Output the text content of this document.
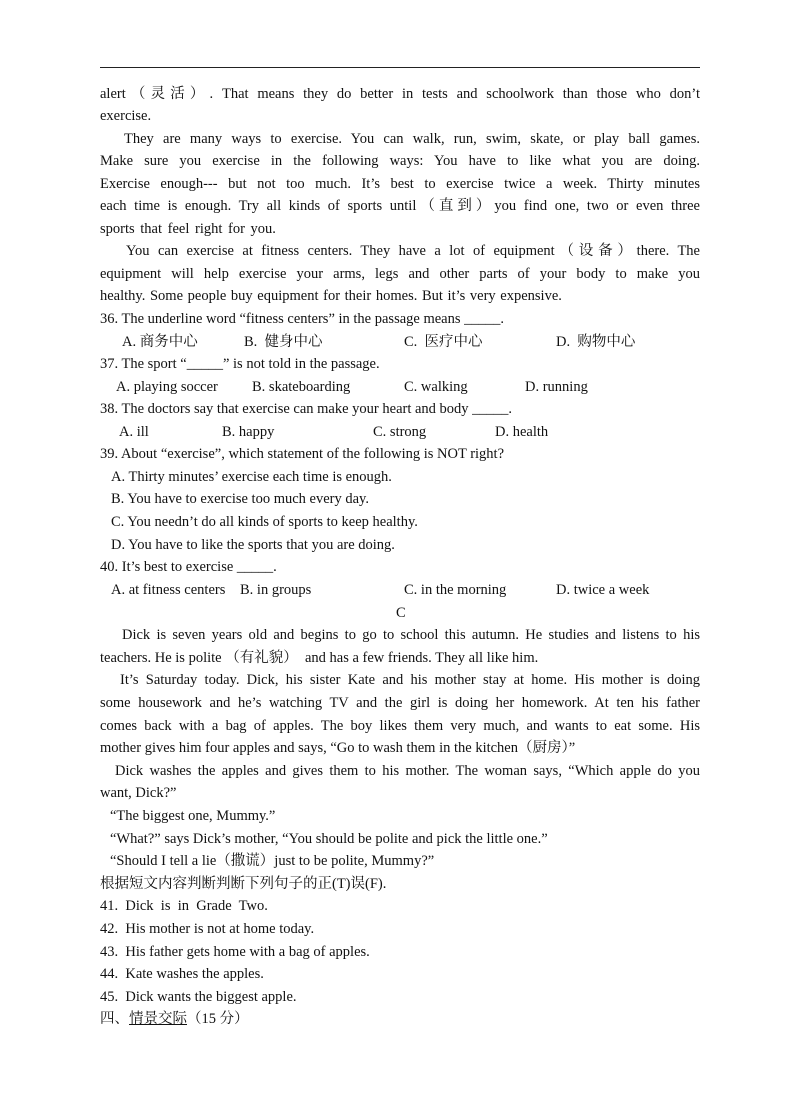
alert（灵活）. That means they do better in tests and schoolwork than those who don’t
exercise.
They are many ways to exercise. You can walk, run, swim, skate, or play ball games.
Make sure you exercise in the following ways: You have to like what you are doing.
Exercise enough--- but not too much. It’s best to exercise twice a week. Thirty minutes
each time is enough. Try all kinds of sports until（直到）you find one, two or even three
sports that feel right for you.
You can exercise at fitness centers. They have a lot of equipment（设备）there. The
equipment will help exercise your arms, legs and other parts of your body to make you
healthy. Some people buy equipment for their homes. But it’s very expensive.
36. The underline word “fitness centers” in the passage means _____.
A. 商务中心	B.  健身中心	C.  医疗中心	D.  购物中心
37. The sport “_____” is not told in the passage.
A. playing soccer B. skateboarding	C. walking	D. running
38. The doctors say that exercise can make your heart and body _____.
A. ill	B. happy	C. strong	D. health
39. About “exercise”, which statement of the following is NOT right?
A. Thirty minutes’ exercise each time is enough.
B. You have to exercise too much every day.
C. You needn’t do all kinds of sports to keep healthy.
D. You have to like the sports that you are doing.
40. It’s best to exercise _____.
A. at fitness centers B. in groups	C. in the morning	D. twice a week
C
Dick is seven years old and begins to go to school this autumn. He studies and listens to his
teachers. He is polite （有礼貌）  and has a few friends. They all like him.
It’s Saturday today. Dick, his sister Kate and his mother stay at home. His mother is doing
some housework and he’s watching TV and the girl is doing her homework. At ten his father
comes back with a bag of apples. The boy likes them very much, and wants to eat some. His
mother gives him four apples and says, “Go to wash them in the kitchen（厨房）”
Dick washes the apples and gives them to his mother. The woman says, “Which apple do you
want, Dick?”
“The biggest one, Mummy.”
“What?” says Dick’s mother, “You should be polite and pick the little one.”
“Should I tell a lie（撒谎）just to be polite, Mummy?”
根据短文内容判断判断下列句子的正(T)误(F).
41.  Dick  is  in  Grade  Two.
42.  His mother is not at home today.
43.  His father gets home with a bag of apples.
44.  Kate washes the apples.
45.  Dick wants the biggest apple.
四、情景交际（15 分）
